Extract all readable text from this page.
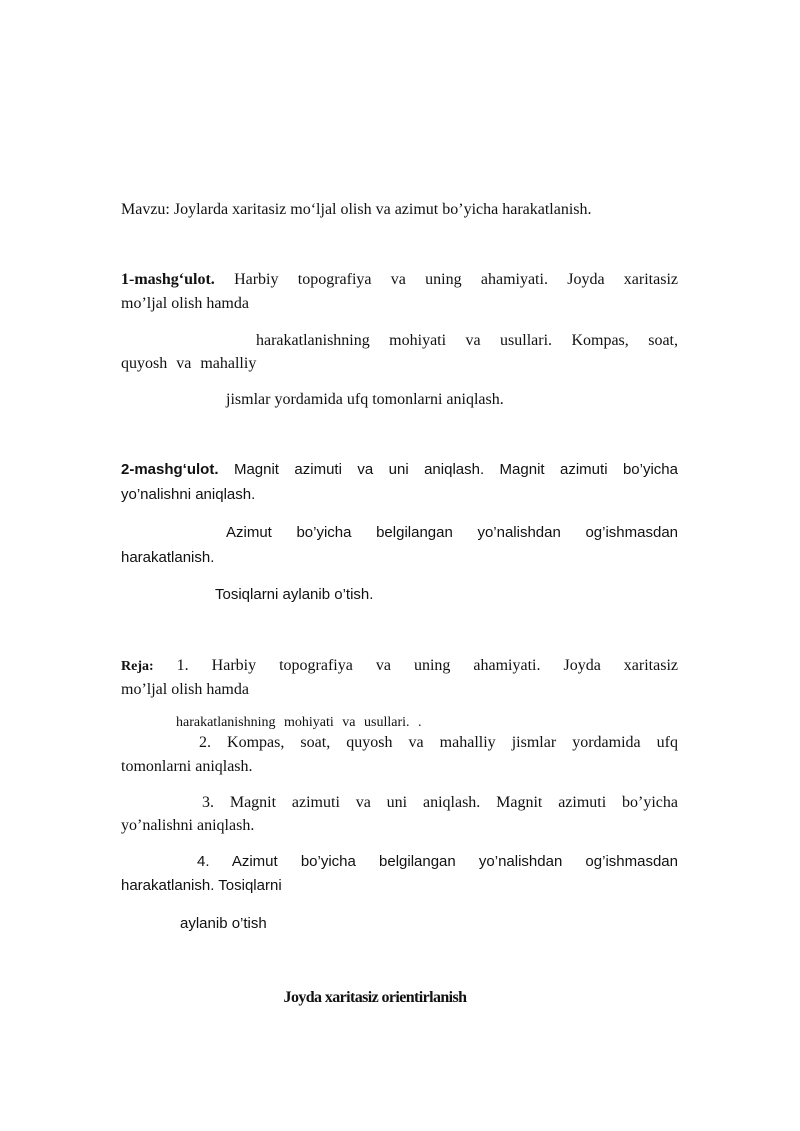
Mavzu: Joylarda xaritasiz mo‘ljal olish va azimut bo’yicha harakatlanish.
1-mashg‘ulot. Harbiy topografiya va uning ahamiyati. Joyda xaritasiz
mo’ljal olish hamda
harakatlanishning mohiyati va usullari. Kompas, soat,
quyosh va mahalliy
jismlar yordamida ufq tomonlarni aniqlash.
2-mashg‘ulot. Magnit azimuti va uni aniqlash. Magnit azimuti bo’yicha
yo’nalishni aniqlash.
Azimut bo’yicha belgilangan yo’nalishdan og’ishmasdan
harakatlanish.
Tosiqlarni aylanib o’tish.
Reja: 1. Harbiy topografiya va uning ahamiyati. Joyda xaritasiz
mo’ljal olish hamda
harakatlanishning mohiyati va usullari. .
2. Kompas, soat, quyosh va mahalliy jismlar yordamida ufq
tomonlarni aniqlash.
3. Magnit azimuti va uni aniqlash. Magnit azimuti bo’yicha
yo’nalishni aniqlash.
4. Azimut bo’yicha belgilangan yo’nalishdan og’ishmasdan
harakatlanish. Tosiqlarni
aylanib o’tish
Joyda xaritasiz orientirlanish
